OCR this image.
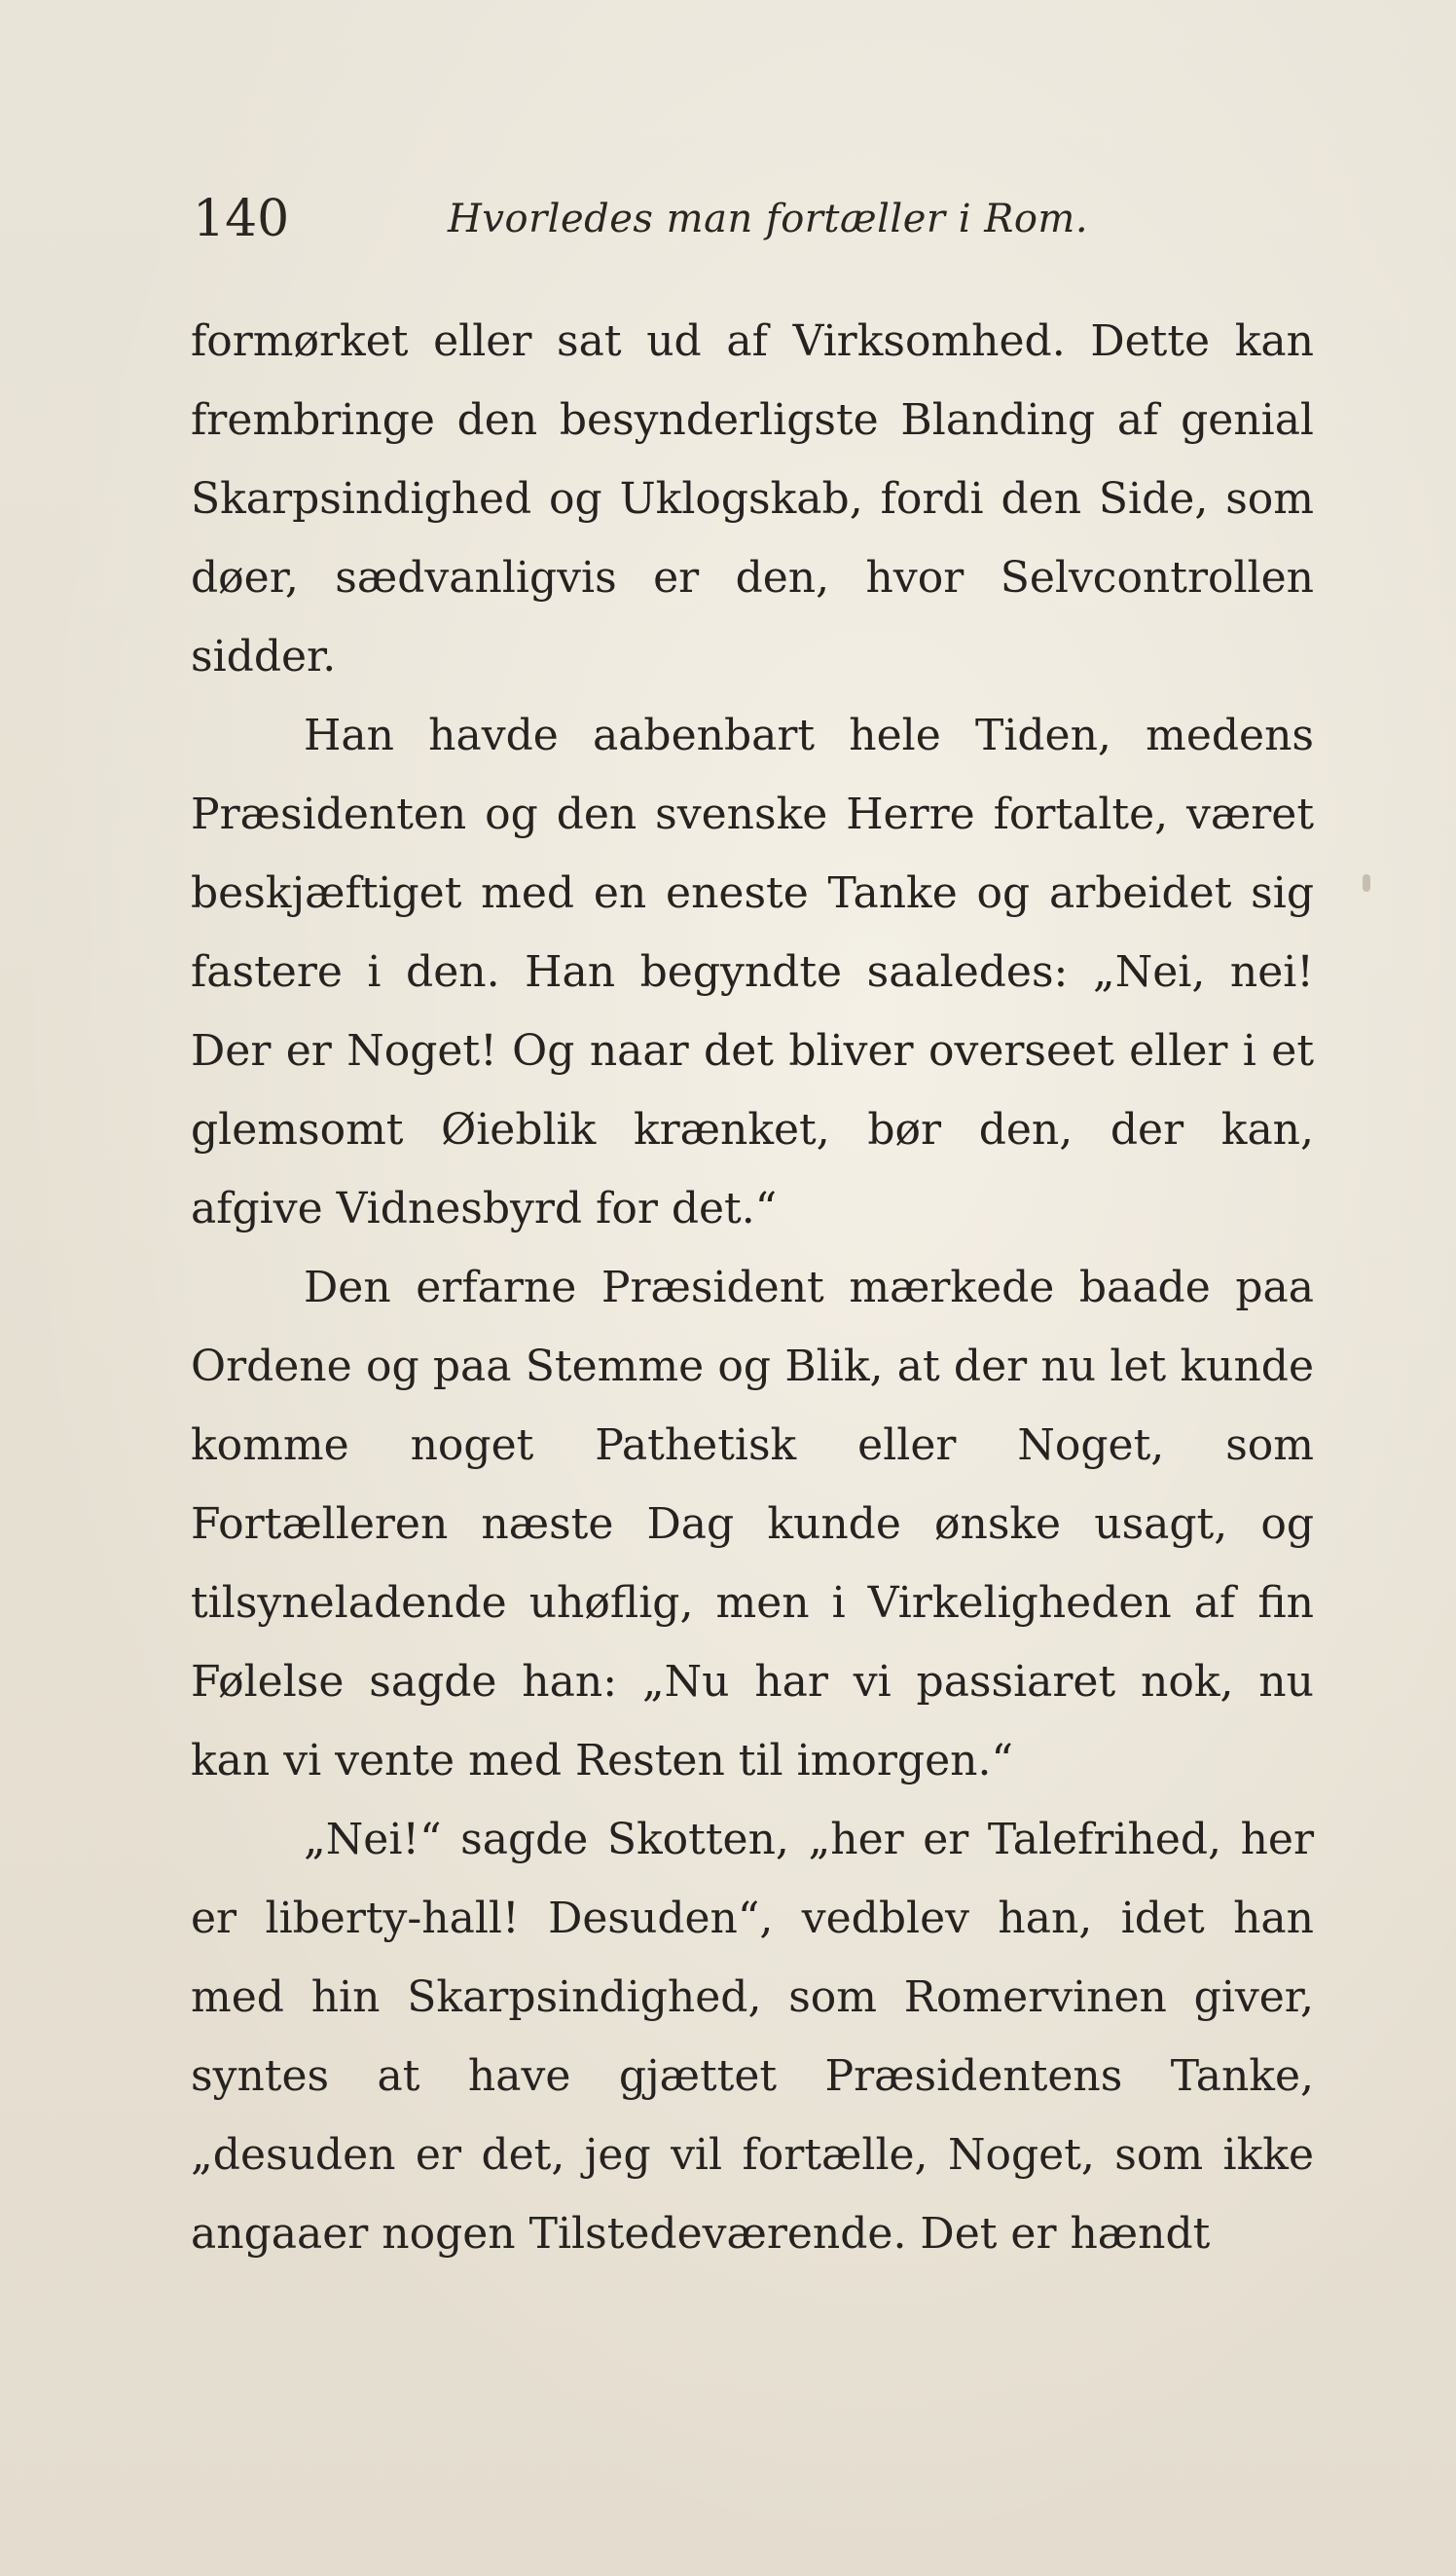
140	Hvorledes man fortæller i Rom.

formørket eller sat ud af Virksomhed. Dette kan frembringe den besynderligste Blanding af genial Skarpsindighed og Uklogskab, fordi den Side, som døer, sædvanligvis er den, hvor Selvcontrollen sidder.

Han havde aabenbart hele Tiden, medens Præsidenten og den svenske Herre fortalte, været beskjæftiget med en eneste Tanke og arbeidet sig fastere i den. Han begyndte saaledes: „Nei, nei! Der er Noget! Og naar det bliver overseet eller i et glemsomt Øieblik krænket, bør den, der kan, afgive Vidnesbyrd for det.“

Den erfarne Præsident mærkede baade paa Ordene og paa Stemme og Blik, at der nu let kunde komme noget Pathetisk eller Noget, som Fortælleren næste Dag kunde ønske usagt, og tilsyneladende uhøflig, men i Virkeligheden af fin Følelse sagde han: „Nu har vi passiaret nok, nu kan vi vente med Resten til imorgen.“

„Nei!“ sagde Skotten, „her er Talefrihed, her er liberty-hall! Desuden“, vedblev han, idet han med hin Skarpsindighed, som Romervinen giver, syntes at have gjættet Præsidentens Tanke, „desuden er det, jeg vil fortælle, Noget, som ikke angaaer nogen Tilstedeværende. Det er hændt
